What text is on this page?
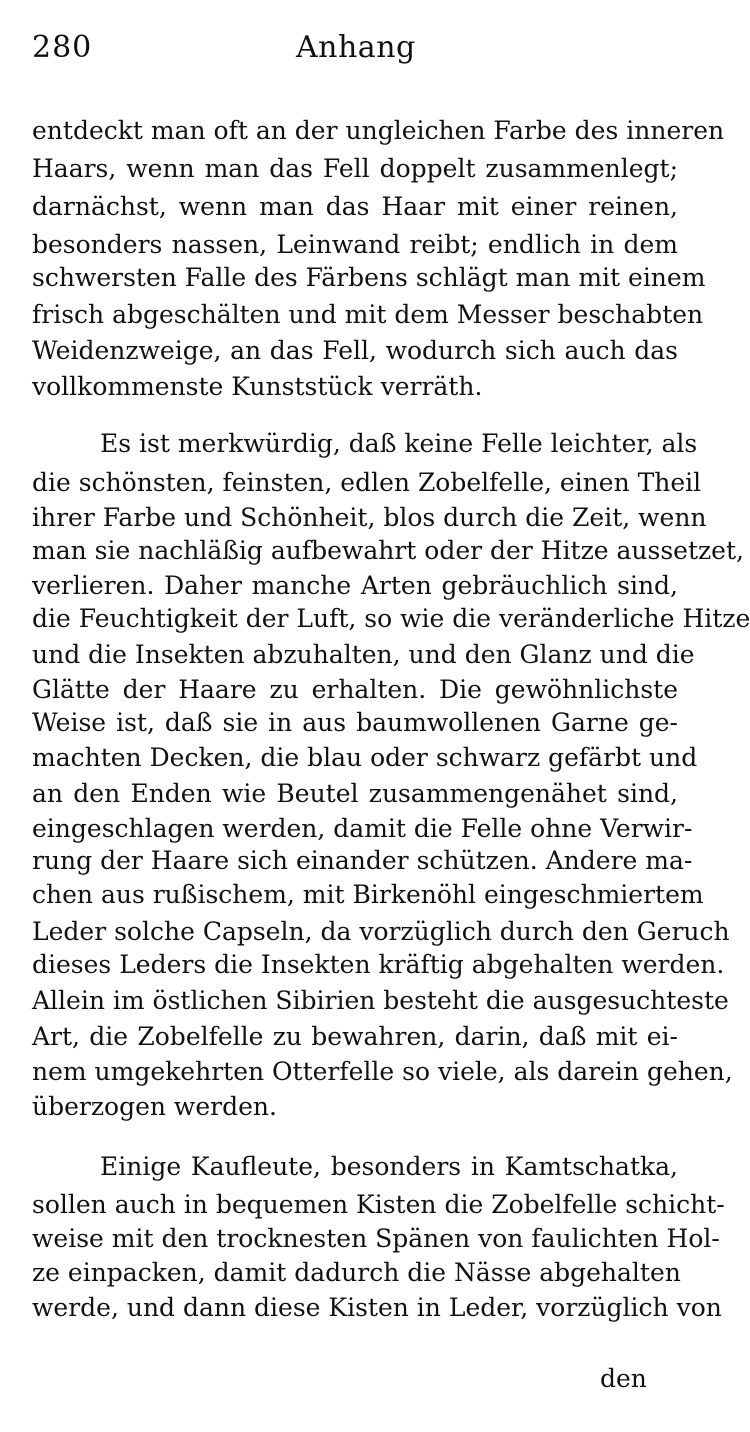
280	Anhang
entdeckt man oft an der ungleichen Farbe des inneren
Haars, wenn man das Fell doppelt zusammenlegt;
darnächst, wenn man das Haar mit einer reinen,
besonders nassen, Leinwand reibt; endlich in dem
schwersten Falle des Färbens schlägt man mit einem
frisch abgeschälten und mit dem Messer beschabten
Weidenzweige, an das Fell, wodurch sich auch das
vollkommenste Kunststück verräth.
Es ist merkwürdig, daß keine Felle leichter, als
die schönsten, feinsten, edlen Zobelfelle, einen Theil
ihrer Farbe und Schönheit, blos durch die Zeit, wenn
man sie nachläßig aufbewahrt oder der Hitze aussetzet,
verlieren. Daher manche Arten gebräuchlich sind,
die Feuchtigkeit der Luft, so wie die veränderliche Hitze
und die Insekten abzuhalten, und den Glanz und die
Glätte der Haare zu erhalten. Die gewöhnlichste
Weise ist, daß sie in aus baumwollenen Garne ge-
machten Decken, die blau oder schwarz gefärbt und
an den Enden wie Beutel zusammengenähet sind,
eingeschlagen werden, damit die Felle ohne Verwir-
rung der Haare sich einander schützen. Andere ma-
chen aus rußischem, mit Birkenöhl eingeschmiertem
Leder solche Capseln, da vorzüglich durch den Geruch
dieses Leders die Insekten kräftig abgehalten werden.
Allein im östlichen Sibirien besteht die ausgesuchteste
Art, die Zobelfelle zu bewahren, darin, daß mit ei-
nem umgekehrten Otterfelle so viele, als darein gehen,
überzogen werden.
Einige Kaufleute, besonders in Kamtschatka,
sollen auch in bequemen Kisten die Zobelfelle schicht-
weise mit den trocknesten Spänen von faulichten Hol-
ze einpacken, damit dadurch die Nässe abgehalten
werde, und dann diese Kisten in Leder, vorzüglich von
den
